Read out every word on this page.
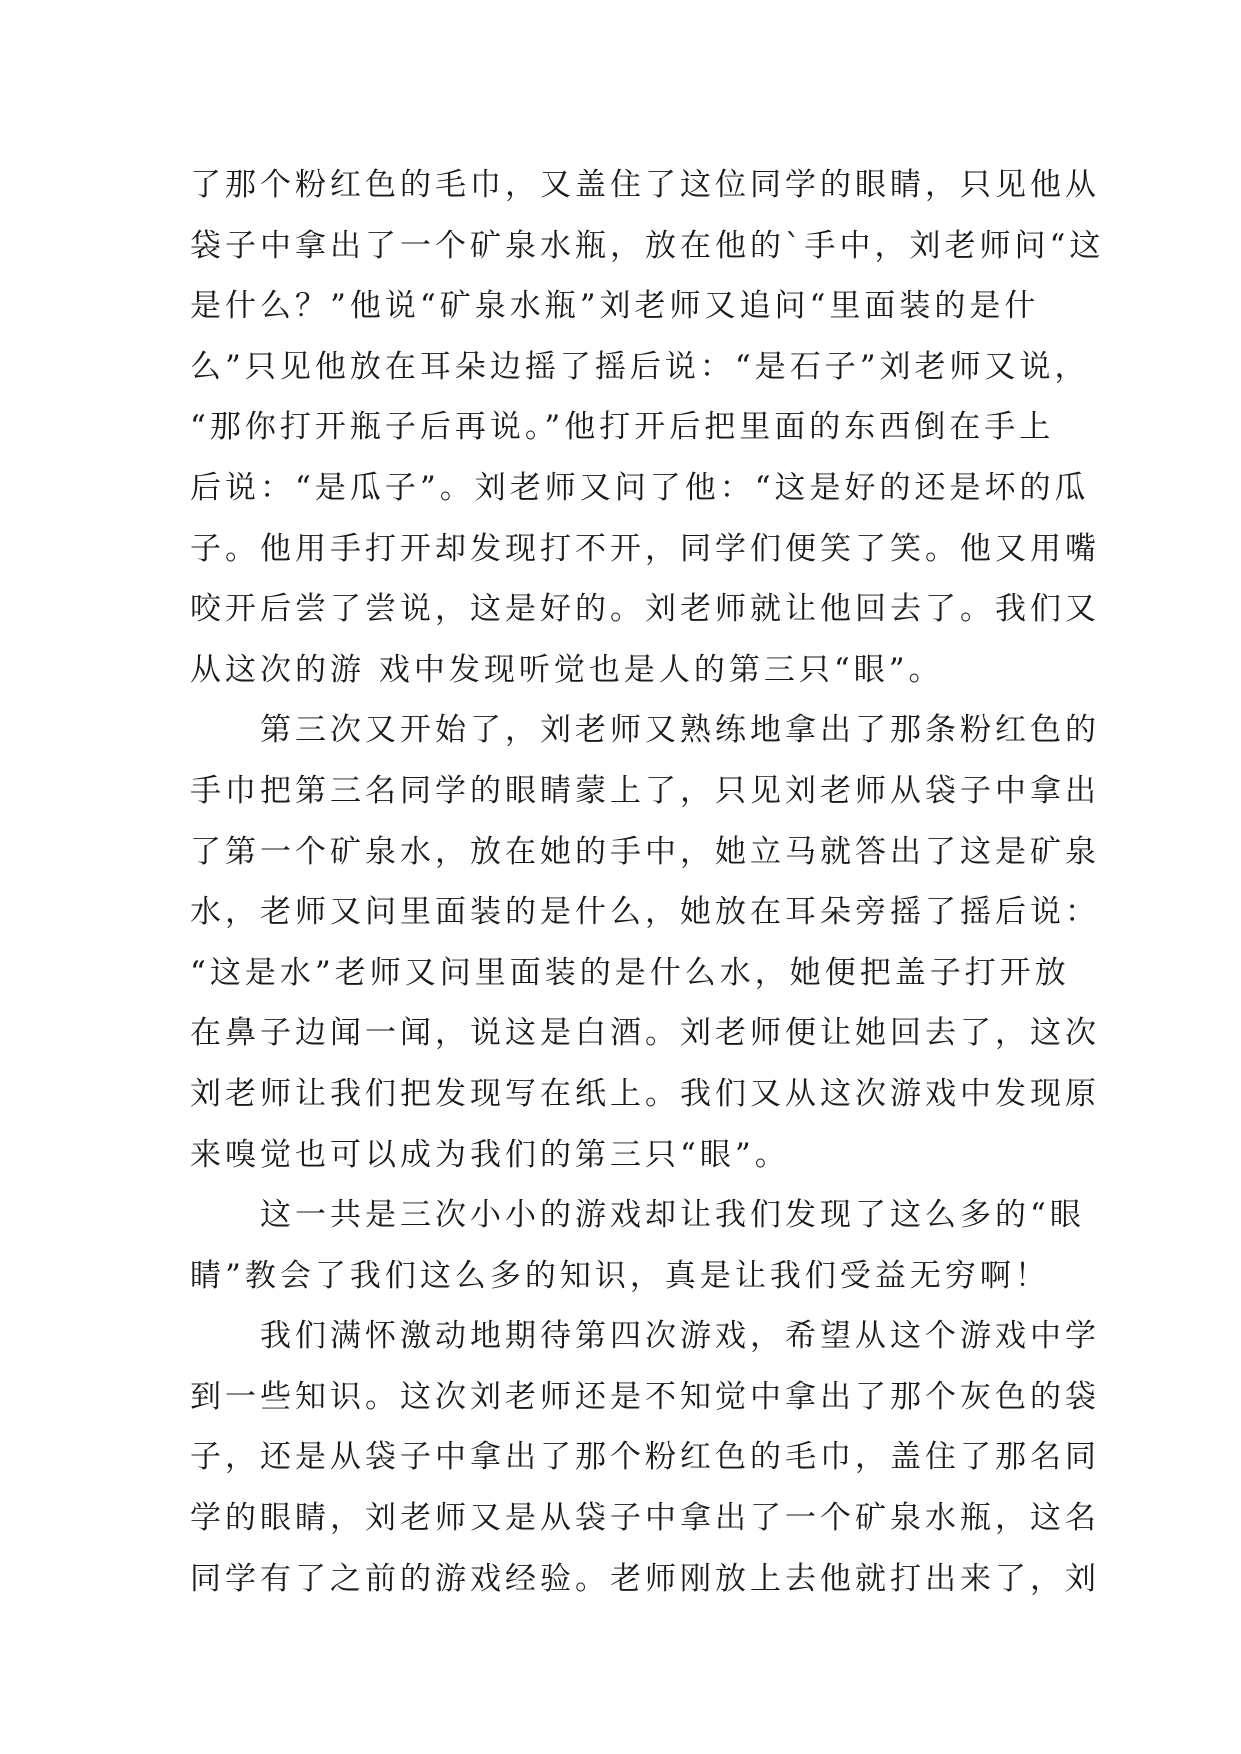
了那个粉红色的毛巾，又盖住了这位同学的眼睛，只见他从
袋子中拿出了一个矿泉水瓶，放在他的`手中，刘老师问“这
是什么？”他说“矿泉水瓶”刘老师又追问“里面装的是什
么”只见他放在耳朵边摇了摇后说：“是石子”刘老师又说，
“那你打开瓶子后再说。”他打开后把里面的东西倒在手上
后说：“是瓜子”。刘老师又问了他：“这是好的还是坏的瓜
子。他用手打开却发现打不开，同学们便笑了笑。他又用嘴
咬开后尝了尝说，这是好的。刘老师就让他回去了。我们又
从这次的游 戏中发现听觉也是人的第三只“眼”。
　　第三次又开始了，刘老师又熟练地拿出了那条粉红色的
手巾把第三名同学的眼睛蒙上了，只见刘老师从袋子中拿出
了第一个矿泉水，放在她的手中，她立马就答出了这是矿泉
水，老师又问里面装的是什么，她放在耳朵旁摇了摇后说：
“这是水”老师又问里面装的是什么水，她便把盖子打开放
在鼻子边闻一闻，说这是白酒。刘老师便让她回去了，这次
刘老师让我们把发现写在纸上。我们又从这次游戏中发现原
来嗅觉也可以成为我们的第三只“眼”。
　　这一共是三次小小的游戏却让我们发现了这么多的“眼
睛”教会了我们这么多的知识，真是让我们受益无穷啊！
　　我们满怀激动地期待第四次游戏，希望从这个游戏中学
到一些知识。这次刘老师还是不知觉中拿出了那个灰色的袋
子，还是从袋子中拿出了那个粉红色的毛巾，盖住了那名同
学的眼睛，刘老师又是从袋子中拿出了一个矿泉水瓶，这名
同学有了之前的游戏经验。老师刚放上去他就打出来了，刘
